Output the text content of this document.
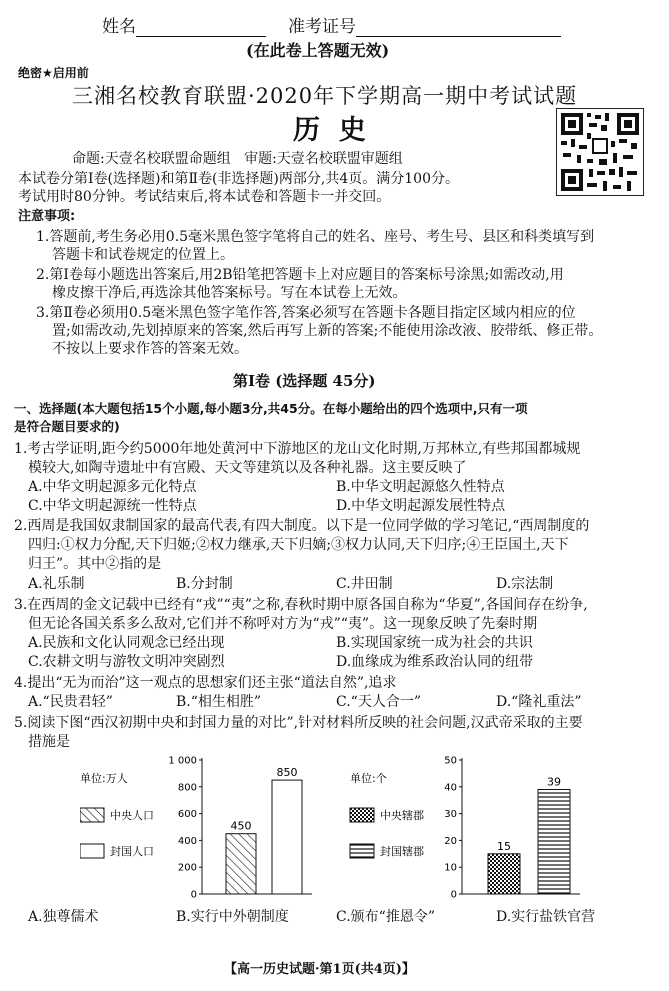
姓名	准考证号
(在此卷上答题无效)
绝密★启用前
三湘名校教育联盟·2020年下学期高一期中考试试题
历  史
命题:天壹名校联盟命题组   审题:天壹名校联盟审题组
本试卷分第Ⅰ卷(选择题)和第Ⅱ卷(非选择题)两部分,共4页。满分100分。
考试用时80分钟。考试结束后,将本试卷和答题卡一并交回。
注意事项:
1.答题前,考生务必用0.5毫米黑色签字笔将自己的姓名、座号、考生号、县区和科类填写到
答题卡和试卷规定的位置上。
2.第Ⅰ卷每小题选出答案后,用2B铅笔把答题卡上对应题目的答案标号涂黑;如需改动,用
橡皮擦干净后,再选涂其他答案标号。写在本试卷上无效。
3.第Ⅱ卷必须用0.5毫米黑色签字笔作答,答案必须写在答题卡各题目指定区域内相应的位
置;如需改动,先划掉原来的答案,然后再写上新的答案;不能使用涂改液、胶带纸、修正带。
不按以上要求作答的答案无效。
第Ⅰ卷 (选择题 45分)
一、选择题(本大题包括15个小题,每小题3分,共45分。在每小题给出的四个选项中,只有一项
是符合题目要求的)
1.考古学证明,距今约5000年地处黄河中下游地区的龙山文化时期,万邦林立,有些邦国都城规
模较大,如陶寺遗址中有宫殿、天文等建筑以及各种礼器。这主要反映了
A.中华文明起源多元化特点	B.中华文明起源悠久性特点
C.中华文明起源统一性特点	D.中华文明起源发展性特点
2.西周是我国奴隶制国家的最高代表,有四大制度。以下是一位同学做的学习笔记,“西周制度的
四归:①权力分配,天下归姬;②权力继承,天下归嫡;③权力认同,天下归序;④王臣国土,天下
归王”。其中②指的是
A.礼乐制	B.分封制	C.井田制	D.宗法制
3.在西周的金文记载中已经有“戎”“夷”之称,春秋时期中原各国自称为“华夏”,各国间存在纷争,
但无论各国关系多么敌对,它们并不称呼对方为“戎”“夷”。这一现象反映了先秦时期
A.民族和文化认同观念已经出现	B.实现国家统一成为社会的共识
C.农耕文明与游牧文明冲突剧烈	D.血缘成为维系政治认同的纽带
4.提出“无为而治”这一观点的思想家们还主张“道法自然”,追求
A.“民贵君轻”	B.“相生相胜”	C.“天人合一”	D.“隆礼重法”
5.阅读下图“西汉初期中央和封国力量的对比”,针对材料所反映的社会问题,汉武帝采取的主要
措施是
0
200
400
600
800
1 000
单位:万人
中央人口
封国人口
450
850
0
10
20
30
40
50
单位:个
中央辖郡
封国辖郡	15
39
A.独尊儒术	B.实行中外朝制度	C.颁布“推恩令”	D.实行盐铁官营
【高一历史试题·第1页(共4页)】
